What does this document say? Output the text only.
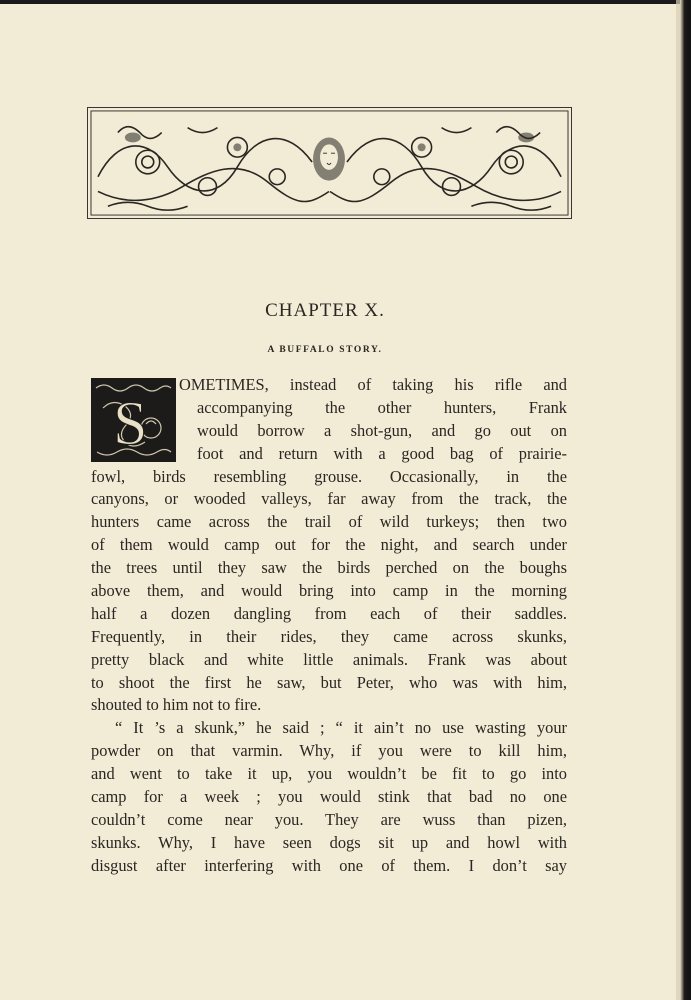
CHAPTER X.
A BUFFALO STORY.
S
OMETIMES, instead of taking his rifle and
accompanying the other hunters, Frank
would borrow a shot-gun, and go out on
foot and return with a good bag of prairie-
fowl, birds resembling grouse. Occasionally, in the
canyons, or wooded valleys, far away from the track, the
hunters came across the trail of wild turkeys; then two
of them would camp out for the night, and search under
the trees until they saw the birds perched on the boughs
above them, and would bring into camp in the morning
half a dozen dangling from each of their saddles.
Frequently, in their rides, they came across skunks,
pretty black and white little animals. Frank was about
to shoot the first he saw, but Peter, who was with him,
shouted to him not to fire.
“ It ’s a skunk,” he said ; “ it ain’t no use wasting your
powder on that varmin. Why, if you were to kill him,
and went to take it up, you wouldn’t be fit to go into
camp for a week ; you would stink that bad no one
couldn’t come near you. They are wuss than pizen,
skunks. Why, I have seen dogs sit up and howl with
disgust after interfering with one of them. I don’t say
